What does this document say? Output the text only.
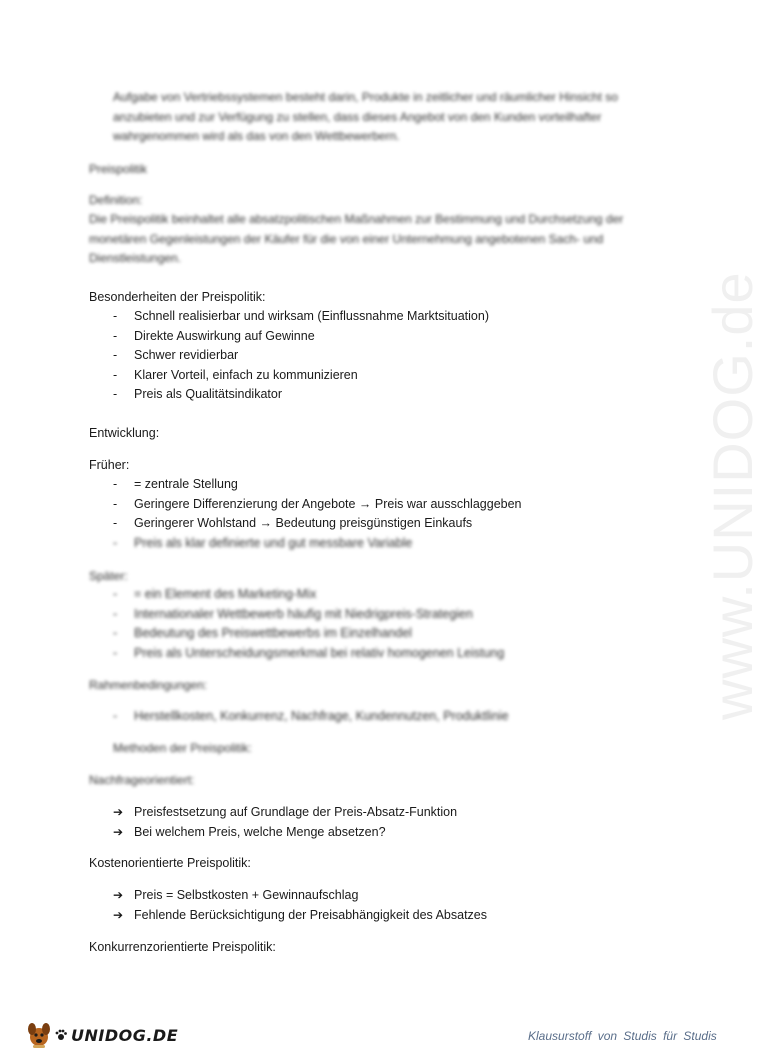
www.UNIDOG.de
Aufgabe von Vertriebssystemen besteht darin, Produkte in zeitlicher und räumlicher Hinsicht so anzubieten und zur Verfügung zu stellen, dass dieses Angebot von den Kunden vorteilhafter wahrgenommen wird als das von den Wettbewerbern.
Preispolitik
Definition:
Die Preispolitik beinhaltet alle absatzpolitischen Maßnahmen zur Bestimmung und Durchsetzung der monetären Gegenleistungen der Käufer für die von einer Unternehmung angebotenen Sach- und Dienstleistungen.
Besonderheiten der Preispolitik:
- Schnell realisierbar und wirksam (Einflussnahme Marktsituation)
- Direkte Auswirkung auf Gewinne
- Schwer revidierbar
- Klarer Vorteil, einfach zu kommunizieren
- Preis als Qualitätsindikator
Entwicklung:
Früher:
- = zentrale Stellung
- Geringere Differenzierung der Angebote → Preis war ausschlaggeben
- Geringerer Wohlstand → Bedeutung preisgünstigen Einkaufs
- Preis als klar definierte und gut messbare Variable
Später:
- = ein Element des Marketing-Mix
- Internationaler Wettbewerb häufig mit Niedrigpreis-Strategien
- Bedeutung des Preiswettbewerbs im Einzelhandel
- Preis als Unterscheidungsmerkmal bei relativ homogenen Leistung
Rahmenbedingungen:
- Herstellkosten, Konkurrenz, Nachfrage, Kundennutzen, Produktlinie
Methoden der Preispolitik:
Nachfrageorientiert:
➔ Preisfestsetzung auf Grundlage der Preis-Absatz-Funktion
➔ Bei welchem Preis, welche Menge absetzen?
Kostenorientierte Preispolitik:
➔ Preis = Selbstkosten + Gewinnaufschlag
➔ Fehlende Berücksichtigung der Preisabhängigkeit des Absatzes
Konkurrenzorientierte Preispolitik:
UNIDOG.DE	Klausurstoff von Studis für Studis
